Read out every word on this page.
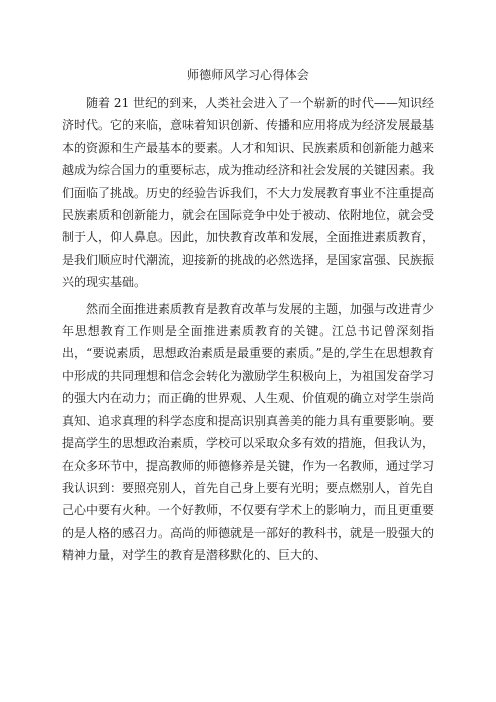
师德师风学习心得体会

随着 21 世纪的到来，人类社会进入了一个崭新的时代——知识经济时代。它的来临，意味着知识创新、传播和应用将成为经济发展最基本的资源和生产最基本的要素。人才和知识、民族素质和创新能力越来越成为综合国力的重要标志，成为推动经济和社会发展的关键因素。我们面临了挑战。历史的经验告诉我们，不大力发展教育事业不注重提高民族素质和创新能力，就会在国际竞争中处于被动、依附地位，就会受制于人，仰人鼻息。因此，加快教育改革和发展，全面推进素质教育，是我们顺应时代潮流，迎接新的挑战的必然选择，是国家富强、民族振兴的现实基础。

然而全面推进素质教育是教育改革与发展的主题，加强与改进青少年思想教育工作则是全面推进素质教育的关键。江总书记曾深刻指出，“要说素质，思想政治素质是最重要的素质。”是的,学生在思想教育中形成的共同理想和信念会转化为激励学生积极向上，为祖国发奋学习的强大内在动力；而正确的世界观、人生观、价值观的确立对学生崇尚真知、追求真理的科学态度和提高识别真善美的能力具有重要影响。要提高学生的思想政治素质，学校可以采取众多有效的措施，但我认为，在众多环节中，提高教师的师德修养是关键，作为一名教师，通过学习我认识到：要照亮别人，首先自己身上要有光明；要点燃别人，首先自己心中要有火种。一个好教师，不仅要有学术上的影响力，而且更重要的是人格的感召力。高尚的师德就是一部好的教科书，就是一股强大的精神力量，对学生的教育是潜移默化的、巨大的、
